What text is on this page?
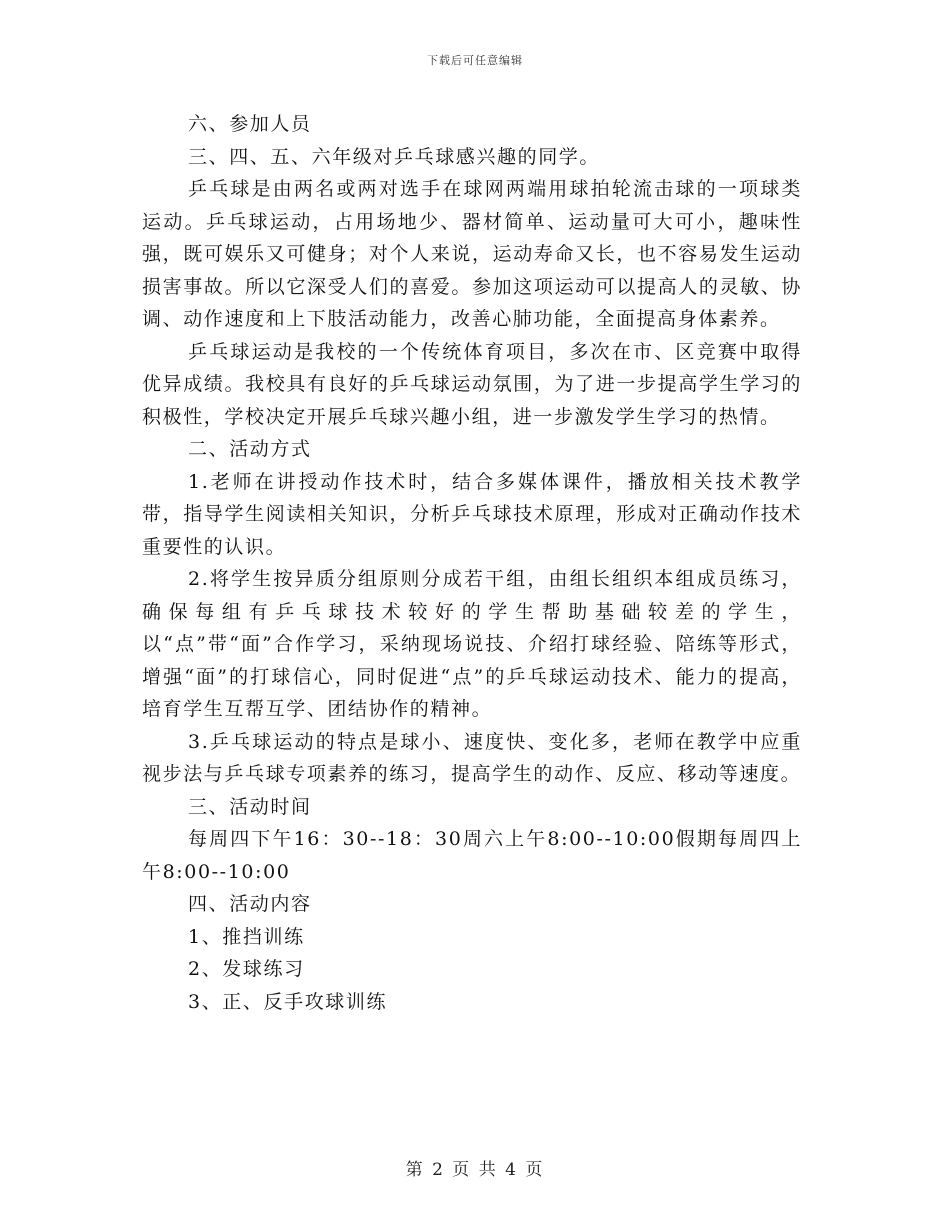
下载后可任意编辑

六、参加人员

三、四、五、六年级对乒乓球感兴趣的同学。

乒乓球是由两名或两对选手在球网两端用球拍轮流击球的一项球类运动。乒乓球运动，占用场地少、器材简单、运动量可大可小，趣味性强，既可娱乐又可健身；对个人来说，运动寿命又长，也不容易发生运动损害事故。所以它深受人们的喜爱。参加这项运动可以提高人的灵敏、协调、动作速度和上下肢活动能力，改善心肺功能，全面提高身体素养。

乒乓球运动是我校的一个传统体育项目，多次在市、区竞赛中取得优异成绩。我校具有良好的乒乓球运动氛围，为了进一步提高学生学习的积极性，学校决定开展乒乓球兴趣小组，进一步激发学生学习的热情。

二、活动方式

1.老师在讲授动作技术时，结合多媒体课件，播放相关技术教学带，指导学生阅读相关知识，分析乒乓球技术原理，形成对正确动作技术重要性的认识。

2.将学生按异质分组原则分成若干组，由组长组织本组成员练习，确保每组有乒乓球技术较好的学生帮助基础较差的学生，以“点”带“面”合作学习，采纳现场说技、介绍打球经验、陪练等形式，增强“面”的打球信心，同时促进“点”的乒乓球运动技术、能力的提高，培育学生互帮互学、团结协作的精神。

3.乒乓球运动的特点是球小、速度快、变化多，老师在教学中应重视步法与乒乓球专项素养的练习，提高学生的动作、反应、移动等速度。

三、活动时间

每周四下午16：30--18：30周六上午8:00--10:00假期每周四上午8:00--10:00

四、活动内容

1、推挡训练

2、发球练习

3、正、反手攻球训练

第 2 页 共 4 页
